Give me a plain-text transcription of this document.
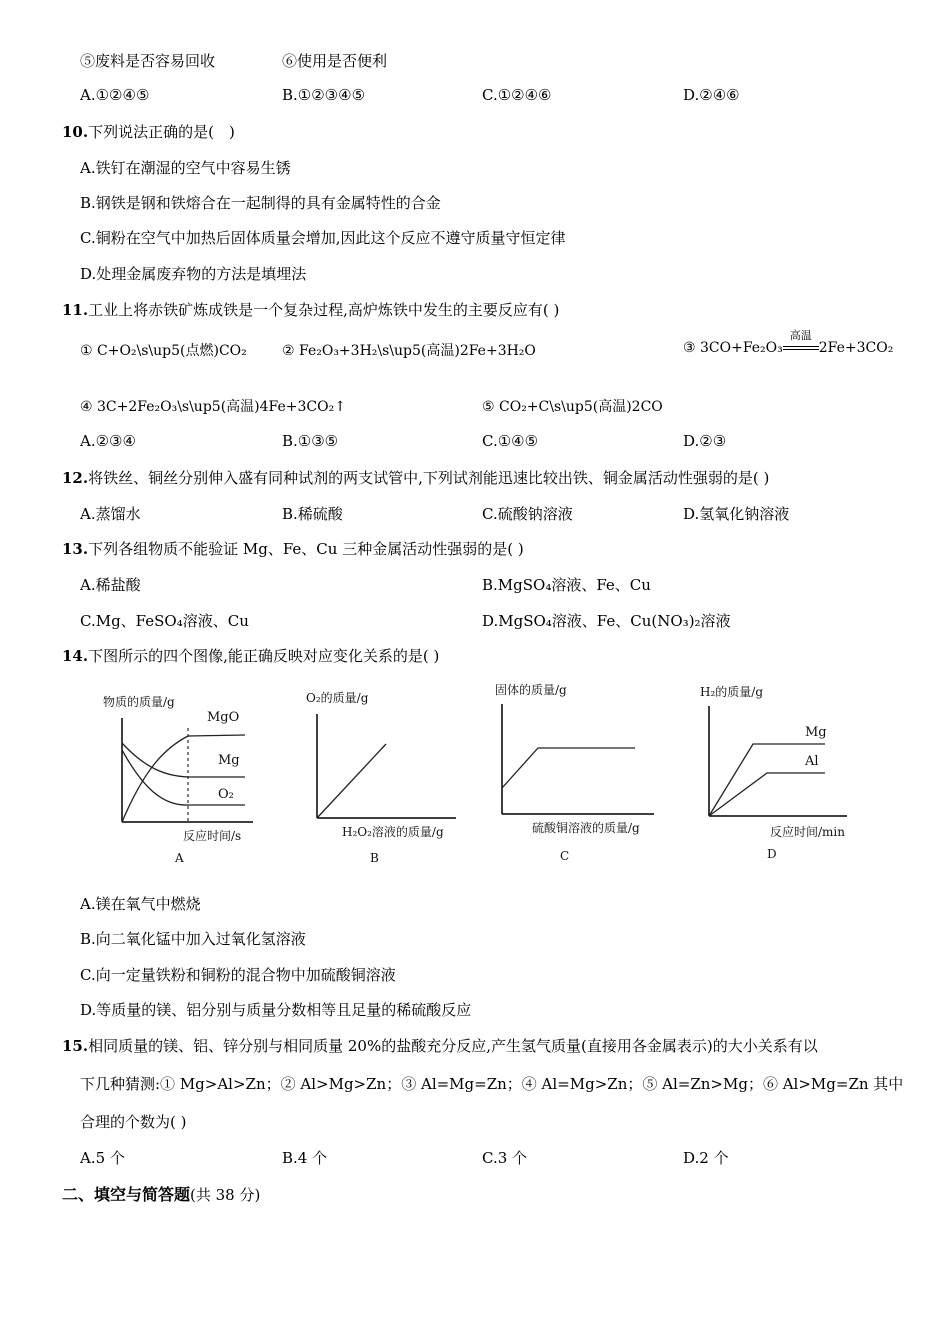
⑤废料是否容易回收	⑥使用是否便利
A.①②④⑤	B.①②③④⑤	C.①②④⑥	D.②④⑥
10.下列说法正确的是(　)
A.铁钉在潮湿的空气中容易生锈
B.钢铁是钢和铁熔合在一起制得的具有金属特性的合金
C.铜粉在空气中加热后固体质量会增加,因此这个反应不遵守质量守恒定律
D.处理金属废弃物的方法是填埋法
11.工业上将赤铁矿炼成铁是一个复杂过程,高炉炼铁中发生的主要反应有( )
① C+O₂\s\up5(点燃)CO₂	② Fe₂O₃+3H₂\s\up5(高温)2Fe+3H₂O	③ 3CO+Fe₂O₃
高温
2Fe+3CO₂
④ 3C+2Fe₂O₃\s\up5(高温)4Fe+3CO₂↑	⑤ CO₂+C\s\up5(高温)2CO
A.②③④	B.①③⑤	C.①④⑤	D.②③
12.将铁丝、铜丝分别伸入盛有同种试剂的两支试管中,下列试剂能迅速比较出铁、铜金属活动性强弱的是( )
A.蒸馏水	B.稀硫酸	C.硫酸钠溶液	D.氢氧化钠溶液
13.下列各组物质不能验证 Mg、Fe、Cu 三种金属活动性强弱的是( )
A.稀盐酸	B.MgSO₄溶液、Fe、Cu
C.Mg、FeSO₄溶液、Cu	D.MgSO₄溶液、Fe、Cu(NO₃)₂溶液
14.下图所示的四个图像,能正确反映对应变化关系的是( )
物质的质量/g
MgO
Mg
O₂
反应时间/s
A
O₂的质量/g
H₂O₂溶液的质量/g
B
固体的质量/g
硫酸铜溶液的质量/g
C
H₂的质量/g
Mg
Al
反应时间/min
D
A.镁在氧气中燃烧
B.向二氧化锰中加入过氧化氢溶液
C.向一定量铁粉和铜粉的混合物中加硫酸铜溶液
D.等质量的镁、铝分别与质量分数相等且足量的稀硫酸反应
15.相同质量的镁、铝、锌分别与相同质量 20%的盐酸充分反应,产生氢气质量(直接用各金属表示)的大小关系有以
下几种猜测:① Mg>Al>Zn；② Al>Mg>Zn；③ Al=Mg=Zn；④ Al=Mg>Zn；⑤ Al=Zn>Mg；⑥ Al>Mg=Zn 其中
合理的个数为( )
A.5 个	B.4 个	C.3 个	D.2 个
二、填空与简答题(共 38 分)
